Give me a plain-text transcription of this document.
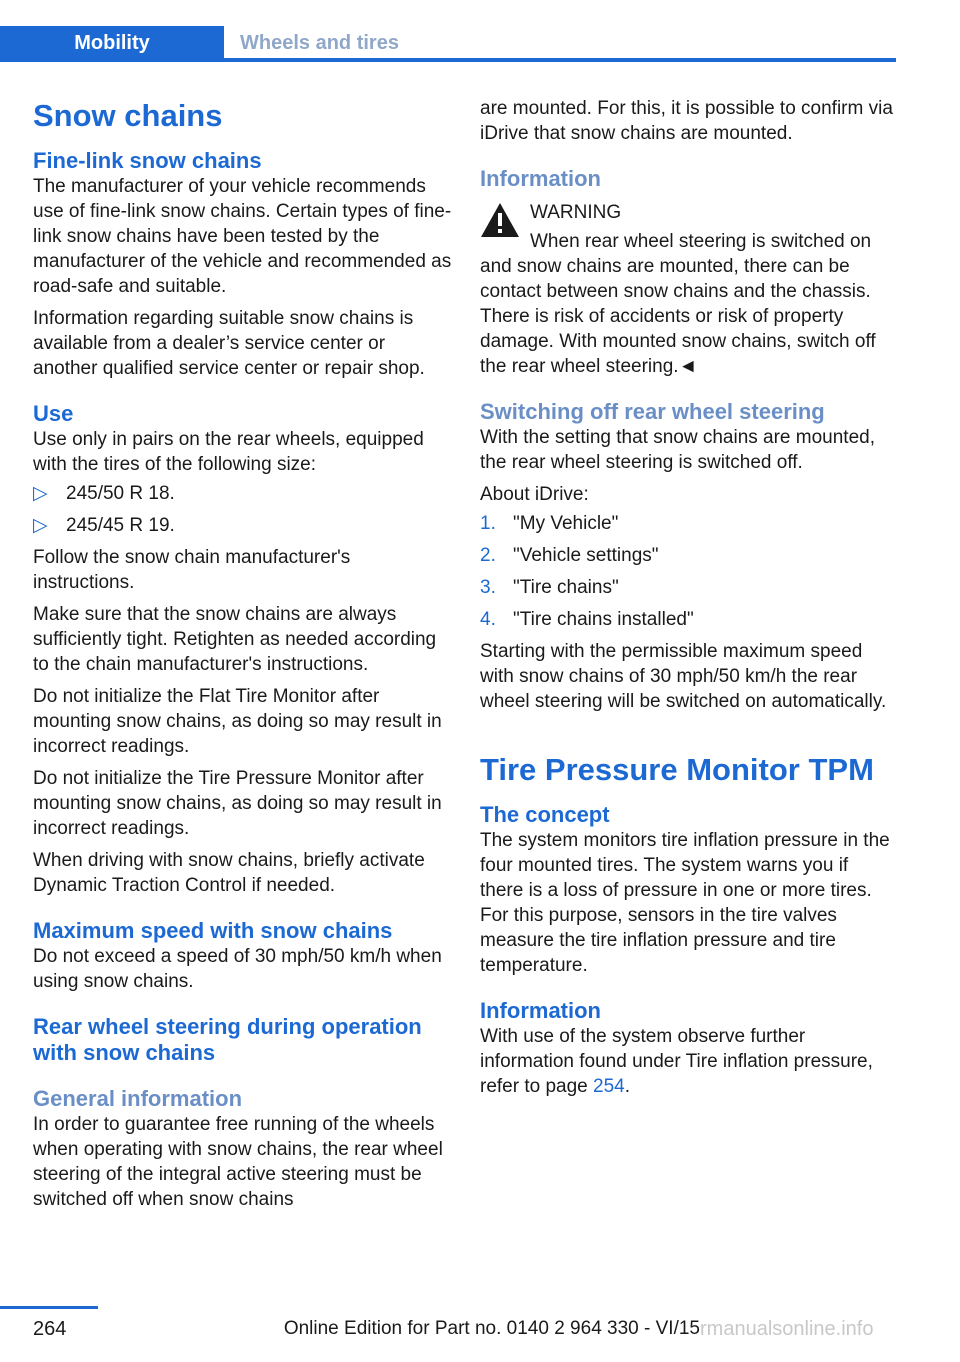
Mobility	Wheels and tires
Snow chains
Fine-link snow chains

The manufacturer of your vehicle recommends use of fine-link snow chains. Certain types of fine-link snow chains have been tested by the manufacturer of the vehicle and recommended as road-safe and suitable.

Information regarding suitable snow chains is available from a dealer’s service center or another qualified service center or repair shop.

Use

Use only in pairs on the rear wheels, equipped with the tires of the following size:

▷ 245/50 R 18.
▷ 245/45 R 19.

Follow the snow chain manufacturer's instructions.

Make sure that the snow chains are always sufficiently tight. Retighten as needed according to the chain manufacturer's instructions.

Do not initialize the Flat Tire Monitor after mounting snow chains, as doing so may result in incorrect readings.

Do not initialize the Tire Pressure Monitor after mounting snow chains, as doing so may result in incorrect readings.

When driving with snow chains, briefly activate Dynamic Traction Control if needed.

Maximum speed with snow chains

Do not exceed a speed of 30 mph/50 km/h when using snow chains.

Rear wheel steering during operation with snow chains
General information

In order to guarantee free running of the wheels when operating with snow chains, the rear wheel steering of the integral active steering must be switched off when snow chains

are mounted. For this, it is possible to confirm via iDrive that snow chains are mounted.

Information

WARNING

When rear wheel steering is switched on
and snow chains are mounted, there can be contact between snow chains and the chassis. There is risk of accidents or risk of property damage. With mounted snow chains, switch off the rear wheel steering.◄

Switching off rear wheel steering

With the setting that snow chains are mounted, the rear wheel steering is switched off.

About iDrive:

1. "My Vehicle"
2. "Vehicle settings"
3. "Tire chains"
4. "Tire chains installed"

Starting with the permissible maximum speed with snow chains of 30 mph/50 km/h the rear wheel steering will be switched on automatically.

Tire Pressure Monitor TPM
The concept

The system monitors tire inflation pressure in the four mounted tires. The system warns you if there is a loss of pressure in one or more tires. For this purpose, sensors in the tire valves measure the tire inflation pressure and tire temperature.

Information

With use of the system observe further information found under Tire inflation pressure, refer to page 254.

264	Online Edition for Part no. 0140 2 964 330 - VI/15 rmanualsonline.info
